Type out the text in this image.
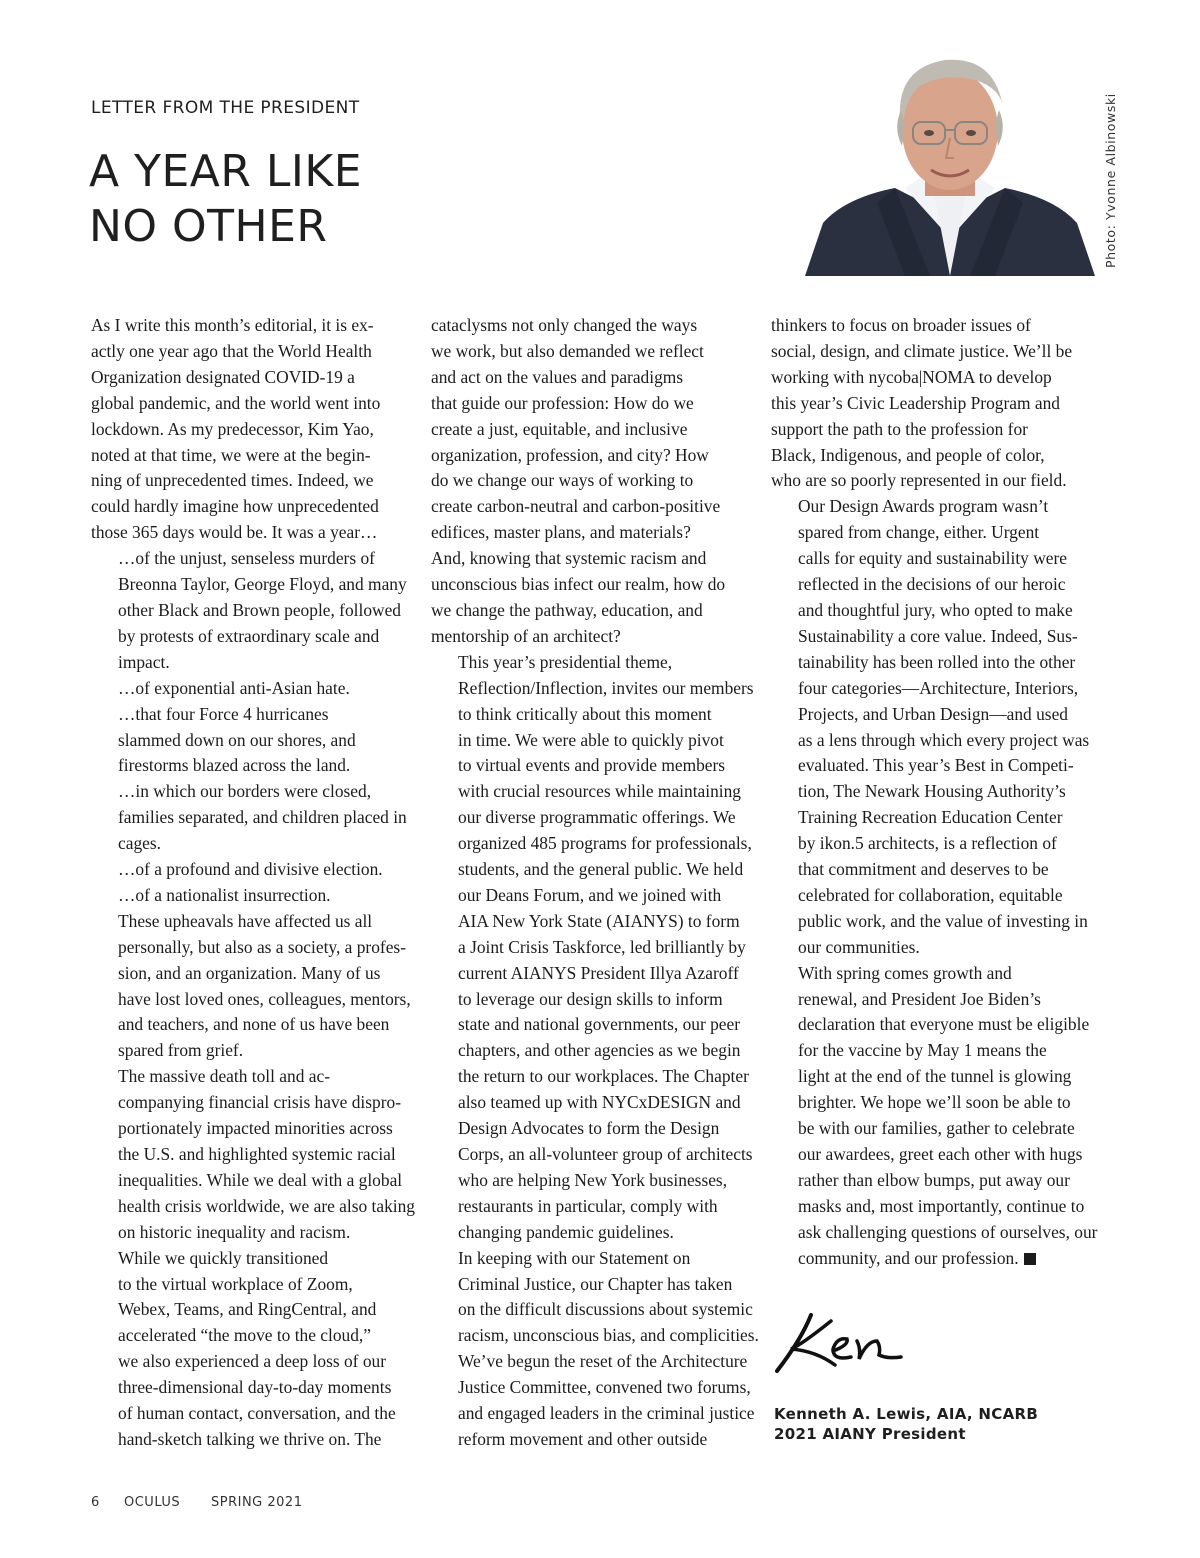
LETTER FROM THE PRESIDENT
A YEAR LIKE
NO OTHER	Photo: Yvonne Albinowski

As I write this month’s editorial, it is ex-
actly one year ago that the World Health
Organization designated COVID-19 a
global pandemic, and the world went into
lockdown. As my predecessor, Kim Yao,
noted at that time, we were at the begin-
ning of unprecedented times. Indeed, we
could hardly imagine how unprecedented
those 365 days would be. It was a year…

…of the unjust, senseless murders of
Breonna Taylor, George Floyd, and many
other Black and Brown people, followed
by protests of extraordinary scale and
impact.

…of exponential anti-Asian hate.

…that four Force 4 hurricanes
slammed down on our shores, and
firestorms blazed across the land.

…in which our borders were closed,
families separated, and children placed in
cages.

…of a profound and divisive election.

…of a nationalist insurrection.

These upheavals have affected us all
personally, but also as a society, a profes-
sion, and an organization. Many of us
have lost loved ones, colleagues, mentors,
and teachers, and none of us have been
spared from grief.

The massive death toll and ac-
companying financial crisis have dispro-
portionately impacted minorities across
the U.S. and highlighted systemic racial
inequalities. While we deal with a global
health crisis worldwide, we are also taking
on historic inequality and racism.

While we quickly transitioned
to the virtual workplace of Zoom,
Webex, Teams, and RingCentral, and
accelerated “the move to the cloud,”
we also experienced a deep loss of our
three-dimensional day-to-day moments
of human contact, conversation, and the
hand-sketch talking we thrive on. The

cataclysms not only changed the ways
we work, but also demanded we reflect
and act on the values and paradigms
that guide our profession: How do we
create a just, equitable, and inclusive
organization, profession, and city? How
do we change our ways of working to
create carbon-neutral and carbon-positive
edifices, master plans, and materials?
And, knowing that systemic racism and
unconscious bias infect our realm, how do
we change the pathway, education, and
mentorship of an architect?

This year’s presidential theme,
Reflection/Inflection, invites our members
to think critically about this moment
in time. We were able to quickly pivot
to virtual events and provide members
with crucial resources while maintaining
our diverse programmatic offerings. We
organized 485 programs for professionals,
students, and the general public. We held
our Deans Forum, and we joined with
AIA New York State (AIANYS) to form
a Joint Crisis Taskforce, led brilliantly by
current AIANYS President Illya Azaroff
to leverage our design skills to inform
state and national governments, our peer
chapters, and other agencies as we begin
the return to our workplaces. The Chapter
also teamed up with NYCxDESIGN and
Design Advocates to form the Design
Corps, an all-volunteer group of architects
who are helping New York businesses,
restaurants in particular, comply with
changing pandemic guidelines.

In keeping with our Statement on
Criminal Justice, our Chapter has taken
on the difficult discussions about systemic
racism, unconscious bias, and complicities.
We’ve begun the reset of the Architecture
Justice Committee, convened two forums,
and engaged leaders in the criminal justice
reform movement and other outside

thinkers to focus on broader issues of
social, design, and climate justice. We’ll be
working with nycoba|NOMA to develop
this year’s Civic Leadership Program and
support the path to the profession for
Black, Indigenous, and people of color,
who are so poorly represented in our field.

Our Design Awards program wasn’t
spared from change, either. Urgent
calls for equity and sustainability were
reflected in the decisions of our heroic
and thoughtful jury, who opted to make
Sustainability a core value. Indeed, Sus-
tainability has been rolled into the other
four categories—Architecture, Interiors,
Projects, and Urban Design—and used
as a lens through which every project was
evaluated. This year’s Best in Competi-
tion, The Newark Housing Authority’s
Training Recreation Education Center
by ikon.5 architects, is a reflection of
that commitment and deserves to be
celebrated for collaboration, equitable
public work, and the value of investing in
our communities.

With spring comes growth and
renewal, and President Joe Biden’s
declaration that everyone must be eligible
for the vaccine by May 1 means the
light at the end of the tunnel is glowing
brighter. We hope we’ll soon be able to
be with our families, gather to celebrate
our awardees, greet each other with hugs
rather than elbow bumps, put away our
masks and, most importantly, continue to
ask challenging questions of ourselves, our
community, and our profession.

Kenneth A. Lewis, AIA, NCARB
2021 AIANY President
6 OCULUS SPRING 2021
